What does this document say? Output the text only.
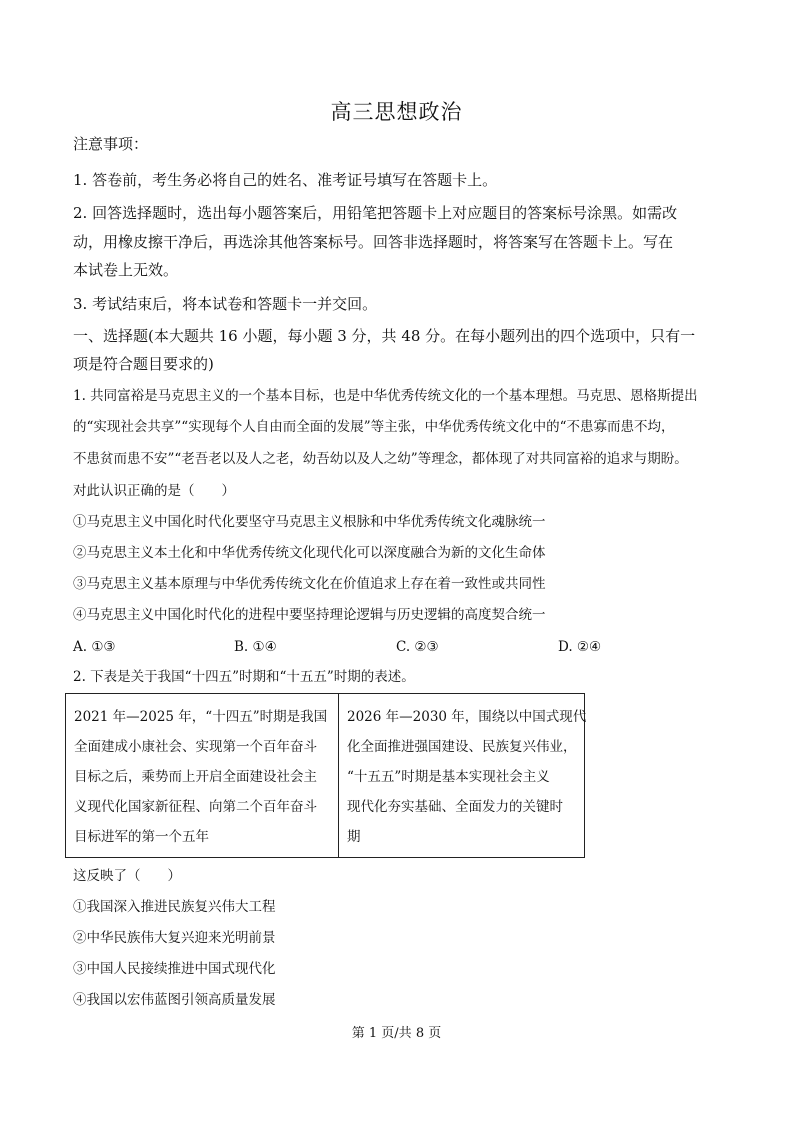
高三思想政治
注意事项：
1. 答卷前，考生务必将自己的姓名、准考证号填写在答题卡上。
2. 回答选择题时，选出每小题答案后，用铅笔把答题卡上对应题目的答案标号涂黑。如需改
动，用橡皮擦干净后，再选涂其他答案标号。回答非选择题时，将答案写在答题卡上。写在
本试卷上无效。
3. 考试结束后，将本试卷和答题卡一并交回。
一、选择题(本大题共 16 小题，每小题 3 分，共 48 分。在每小题列出的四个选项中，只有一
项是符合题目要求的)
1. 共同富裕是马克思主义的一个基本目标，也是中华优秀传统文化的一个基本理想。马克思、恩格斯提出
的“实现社会共享”“实现每个人自由而全面的发展”等主张，中华优秀传统文化中的“不患寡而患不均，
不患贫而患不安”“老吾老以及人之老，幼吾幼以及人之幼”等理念，都体现了对共同富裕的追求与期盼。
对此认识正确的是（　　）
①马克思主义中国化时代化要坚守马克思主义根脉和中华优秀传统文化魂脉统一
②马克思主义本土化和中华优秀传统文化现代化可以深度融合为新的文化生命体
③马克思主义基本原理与中华优秀传统文化在价值追求上存在着一致性或共同性
④马克思主义中国化时代化的进程中要坚持理论逻辑与历史逻辑的高度契合统一
A. ①③	B. ①④	C. ②③	D. ②④
2. 下表是关于我国“十四五”时期和“十五五”时期的表述。
2021 年—2025 年，“十四五”时期是我国
全面建成小康社会、实现第一个百年奋斗
目标之后，乘势而上开启全面建设社会主
义现代化国家新征程、向第二个百年奋斗
目标进军的第一个五年

2026 年—2030 年，围绕以中国式现代
化全面推进强国建设、民族复兴伟业，
“十五五”时期是基本实现社会主义
现代化夯实基础、全面发力的关键时
期
这反映了（　　）
①我国深入推进民族复兴伟大工程
②中华民族伟大复兴迎来光明前景
③中国人民接续推进中国式现代化
④我国以宏伟蓝图引领高质量发展
第 1 页/共 8 页
